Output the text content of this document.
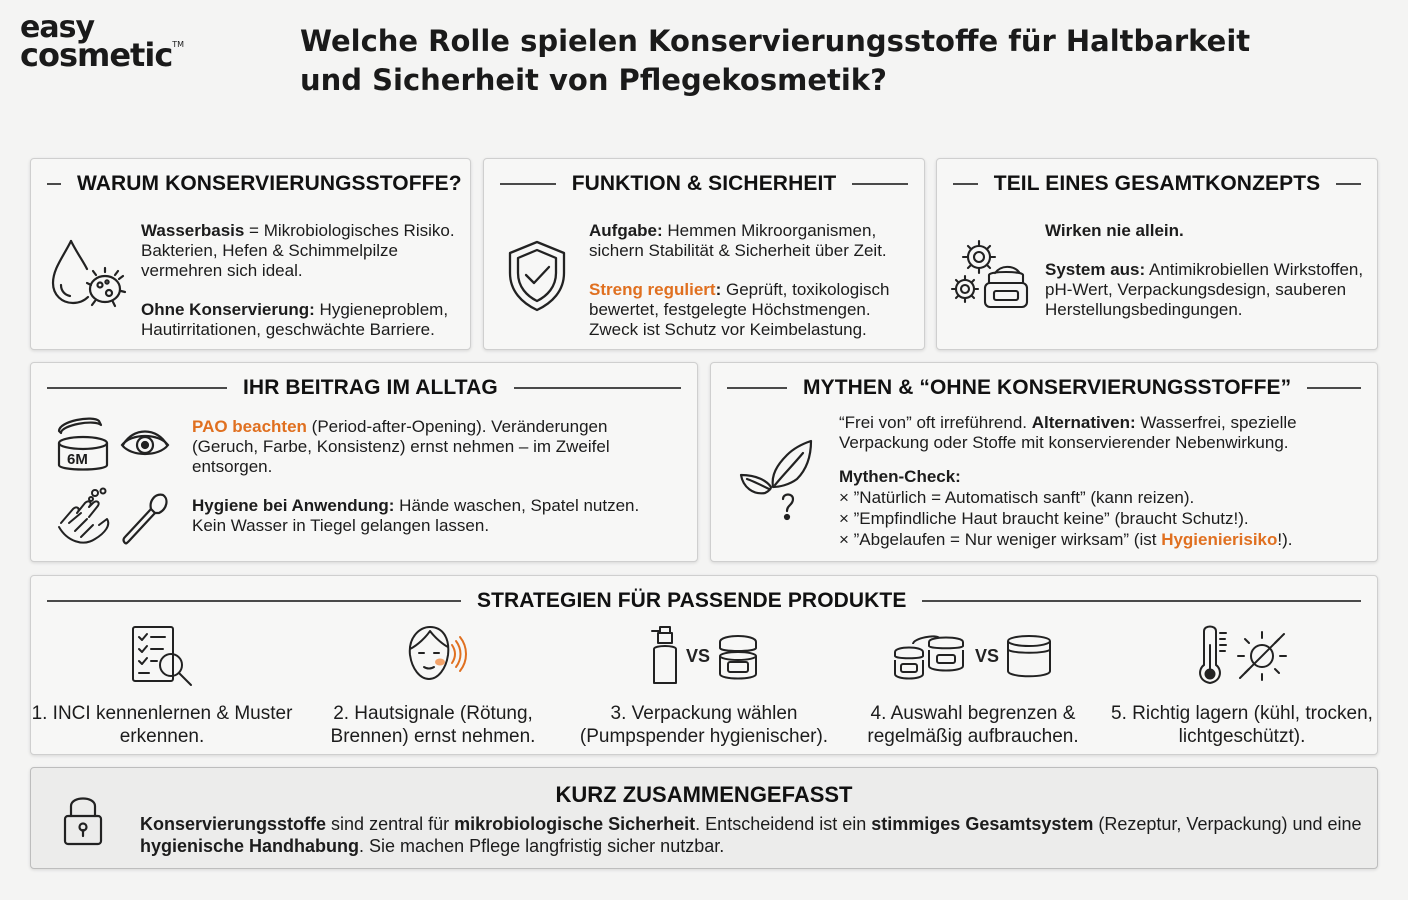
easy
cosmetic™	Welche Rolle spielen Konservierungsstoffe für Haltbarkeit
und Sicherheit von Pflegekosmetik?
WARUM KONSERVIERUNGSSTOFFE?
Wasserbasis = Mikrobiologisches Risiko. Bakterien, Hefen & Schimmelpilze vermehren sich ideal.
Ohne Konservierung: Hygieneproblem, Hautirritationen, geschwächte Barriere.
FUNKTION & SICHERHEIT
Aufgabe: Hemmen Mikroorganismen, sichern Stabilität & Sicherheit über Zeit.
Streng reguliert: Geprüft, toxikologisch bewertet, festgelegte Höchstmengen. Zweck ist Schutz vor Keimbelastung.
TEIL EINES GESAMTKONZEPTS
Wirken nie allein.
System aus: Antimikrobiellen Wirkstoffen, pH-Wert, Verpackungsdesign, sauberen Herstellungsbedingungen.
IHR BEITRAG IM ALLTAG
6M
PAO beachten (Period-after-Opening). Veränderungen (Geruch, Farbe, Konsistenz) ernst nehmen – im Zweifel entsorgen.
Hygiene bei Anwendung: Hände waschen, Spatel nutzen. Kein Wasser in Tiegel gelangen lassen.
MYTHEN & “OHNE KONSERVIERUNGSSTOFFE”
“Frei von” oft irreführend. Alternativen: Wasserfrei, spezielle Verpackung oder Stoffe mit konservierender Nebenwirkung.
Mythen-Check:
× ”Natürlich = Automatisch sanft” (kann reizen).
× ”Empfindliche Haut braucht keine” (braucht Schutz!).
× ”Abgelaufen = Nur weniger wirksam” (ist Hygienierisiko!).
STRATEGIEN FÜR PASSENDE PRODUKTE
1. INCI kennenlernen & Muster erkennen.
2. Hautsignale (Rötung, Brennen) ernst nehmen.
VS
3. Verpackung wählen (Pumpspender hygienischer).
VS
4. Auswahl begrenzen & regelmäßig aufbrauchen.
5. Richtig lagern (kühl, trocken, lichtgeschützt).
KURZ ZUSAMMENGEFASST
Konservierungsstoffe sind zentral für mikrobiologische Sicherheit. Entscheidend ist ein stimmiges Gesamtsystem (Rezeptur, Verpackung) und eine hygienische Handhabung. Sie machen Pflege langfristig sicher nutzbar.
